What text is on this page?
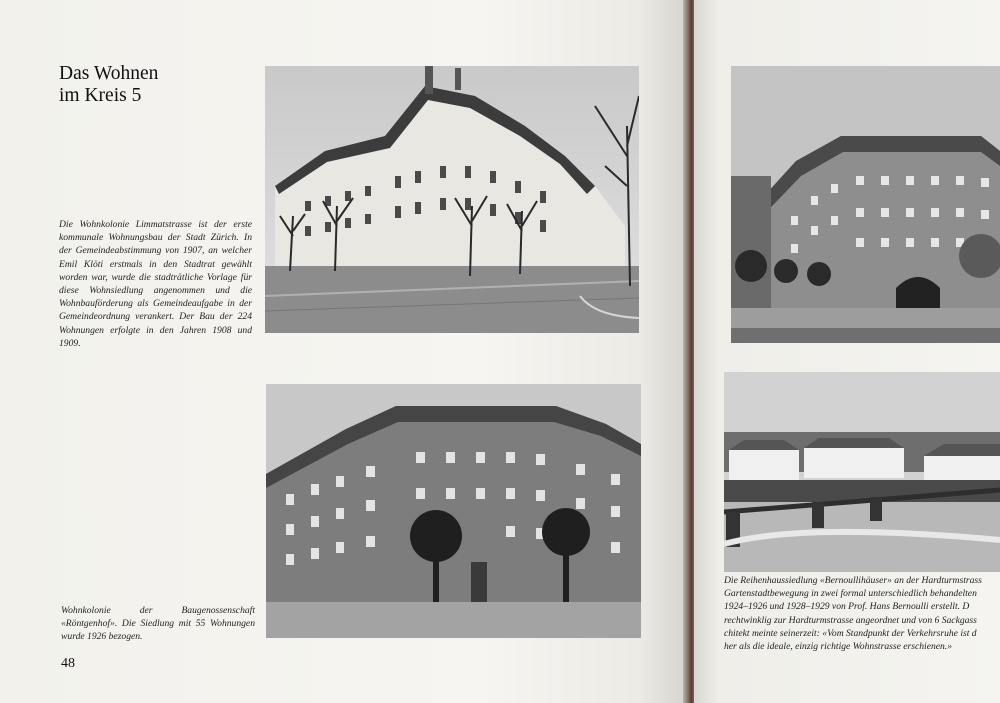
Das Wohnen
im Kreis 5
Die Wohnkolonie Limmatstrasse ist der erste kommunale Wohnungsbau der Stadt Zürich. In der Gemeindeabstimmung von 1907, an welcher Emil Klöti erstmals in den Stadtrat gewählt worden war, wurde die stadträtliche Vorlage für diese Wohnsiedlung angenommen und die Wohnbauförderung als Gemeindeaufgabe in der Gemeindeordnung verankert. Der Bau der 224 Wohnungen erfolgte in den Jahren 1908 und 1909.
Wohnkolonie der Baugenossenschaft «Röntgenhof». Die Siedlung mit 55 Wohnungen wurde 1926 bezogen.
48
Die Reihenhaussiedlung «Bernoullihäuser» an der Hardturmstrass
Gartenstadtbewegung in zwei formal unterschiedlich behandelten
1924–1926 und 1928–1929 von Prof. Hans Bernoulli erstellt. D
rechtwinklig zur Hardturmstrasse angeordnet und von 6 Sackgass
chitekt meinte seinerzeit: «Vom Standpunkt der Verkehrsruhe ist d
her als die ideale, einzig richtige Wohnstrasse erschienen.»
